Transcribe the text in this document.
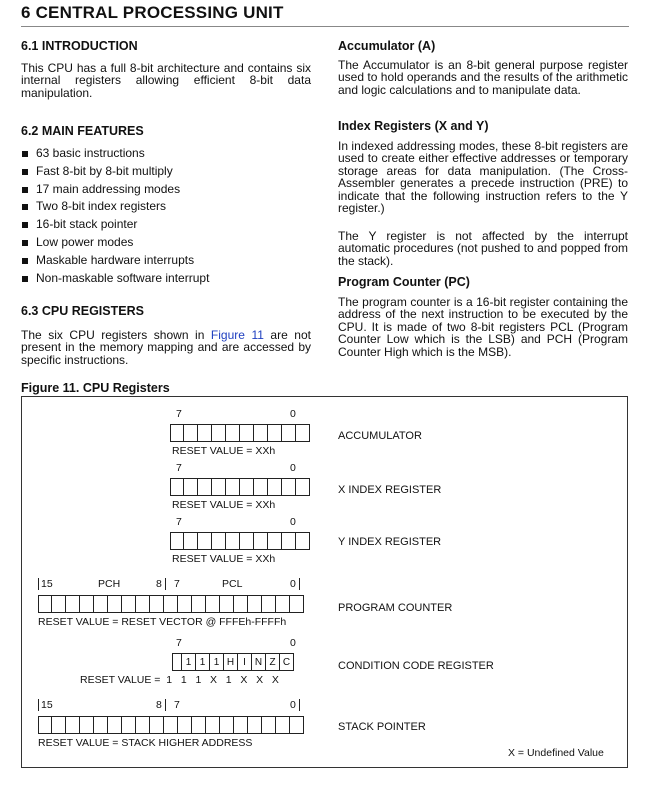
6 CENTRAL PROCESSING UNIT
6.1 INTRODUCTION
This CPU has a full 8-bit architecture and contains six internal registers allowing efficient 8-bit data manipulation.
6.2 MAIN FEATURES
63 basic instructions
Fast 8-bit by 8-bit multiply
17 main addressing modes
Two 8-bit index registers
16-bit stack pointer
Low power modes
Maskable hardware interrupts
Non-maskable software interrupt
6.3 CPU REGISTERS
The six CPU registers shown in Figure 11 are not present in the memory mapping and are accessed by specific instructions.
Accumulator (A)
The Accumulator is an 8-bit general purpose register used to hold operands and the results of the arithmetic and logic calculations and to manipulate data.
Index Registers (X and Y)
In indexed addressing modes, these 8-bit registers are used to create either effective addresses or temporary storage areas for data manipulation. (The Cross-Assembler generates a precede instruction (PRE) to indicate that the following instruction refers to the Y register.)
The Y register is not affected by the interrupt automatic procedures (not pushed to and popped from the stack).
Program Counter (PC)
The program counter is a 16-bit register containing the address of the next instruction to be executed by the CPU. It is made of two 8-bit registers PCL (Program Counter Low which is the LSB) and PCH (Program Counter High which is the MSB).
Figure 11. CPU Registers
7	0
RESET VALUE = XXh
ACCUMULATOR
7	0
RESET VALUE = XXh
X INDEX REGISTER
7	0
RESET VALUE = XXh
Y INDEX REGISTER
15	PCH	8	7	PCL	0
RESET VALUE = RESET VECTOR @ FFFEh-FFFFh
PROGRAM COUNTER
7	0
1 1 1 H I N Z C
RESET VALUE =  1   1   1   X   1   X   X   X
CONDITION CODE REGISTER
15	8	7	0
RESET VALUE = STACK HIGHER ADDRESS
STACK POINTER
X = Undefined Value
